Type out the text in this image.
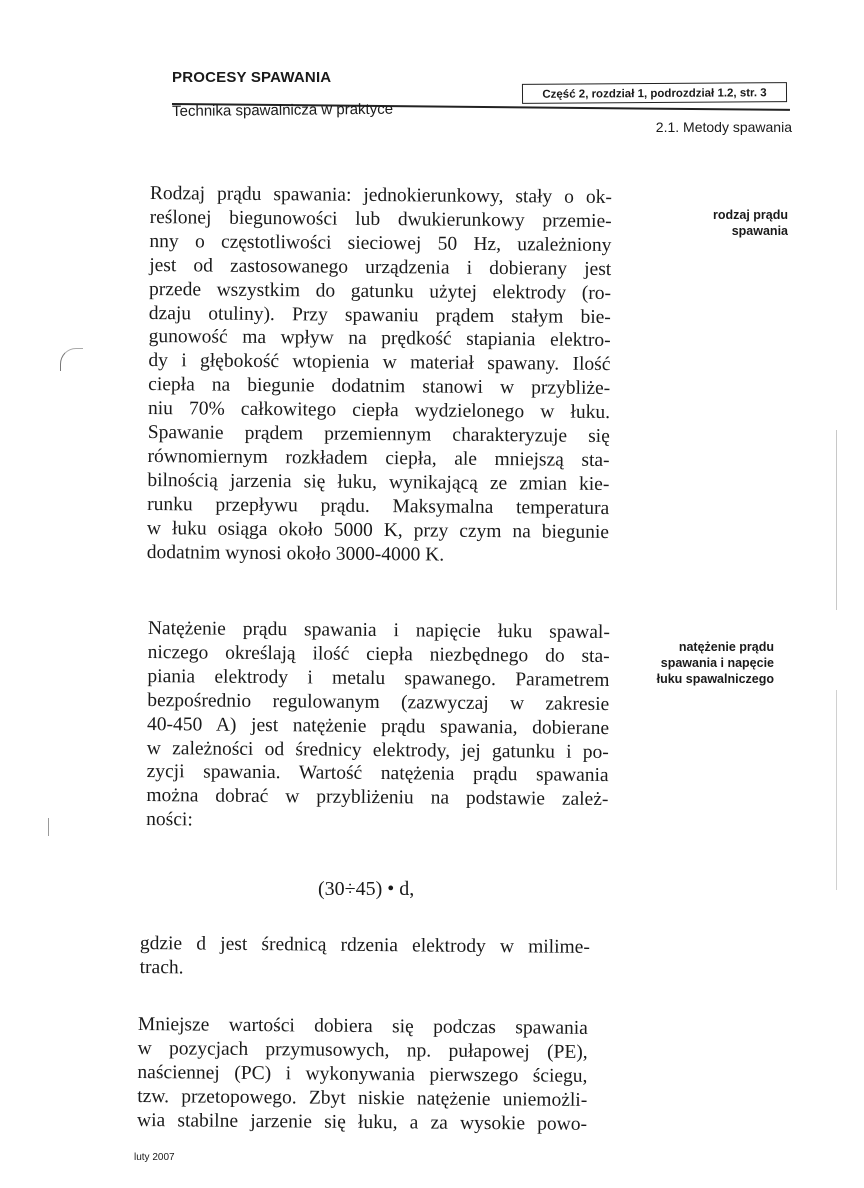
PROCESY SPAWANIA
Część 2, rozdział 1, podrozdział 1.2, str. 3
Technika spawalnicza w praktyce
2.1. Metody spawania
Rodzaj prądu spawania: jednokierunkowy, stały o ok-
reślonej biegunowości lub dwukierunkowy przemie-
nny o częstotliwości sieciowej 50 Hz, uzależniony
jest od zastosowanego urządzenia i dobierany jest
przede wszystkim do gatunku użytej elektrody (ro-
dzaju otuliny). Przy spawaniu prądem stałym bie-
gunowość ma wpływ na prędkość stapiania elektro-
dy i głębokość wtopienia w materiał spawany. Ilość
ciepła na biegunie dodatnim stanowi w przybliże-
niu 70% całkowitego ciepła wydzielonego w łuku.
Spawanie prądem przemiennym charakteryzuje się
równomiernym rozkładem ciepła, ale mniejszą sta-
bilnością jarzenia się łuku, wynikającą ze zmian kie-
runku przepływu prądu. Maksymalna temperatura
w łuku osiąga około 5000 K, przy czym na biegunie
dodatnim wynosi około 3000-4000 K.
Natężenie prądu spawania i napięcie łuku spawal-
niczego określają ilość ciepła niezbędnego do sta-
piania elektrody i metalu spawanego. Parametrem
bezpośrednio regulowanym (zazwyczaj w zakresie
40-450 A) jest natężenie prądu spawania, dobierane
w zależności od średnicy elektrody, jej gatunku i po-
zycji spawania. Wartość natężenia prądu spawania
można dobrać w przybliżeniu na podstawie zależ-
ności:
(30÷45) • d,
gdzie d jest średnicą rdzenia elektrody w milime-
trach.
Mniejsze wartości dobiera się podczas spawania
w pozycjach przymusowych, np. pułapowej (PE),
naściennej (PC) i wykonywania pierwszego ściegu,
tzw. przetopowego. Zbyt niskie natężenie uniemożli-
wia stabilne jarzenie się łuku, a za wysokie powo-
rodzaj prądu
spawania
natężenie prądu
spawania i napęcie
łuku spawalniczego
luty 2007
